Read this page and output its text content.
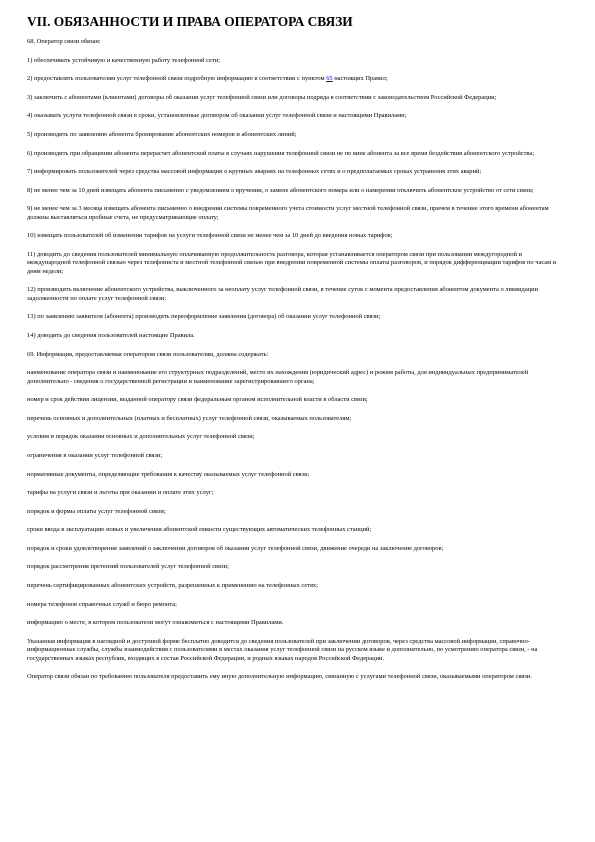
VII. ОБЯЗАННОСТИ И ПРАВА ОПЕРАТОРА СВЯЗИ

68. Оператор связи обязан:

1) обеспечивать устойчивую и качественную работу телефонной сети;

2) предоставлять пользователям услуг телефонной связи подробную информацию в соответствии с пунктом 65 настоящих Правил;

3) заключить с абонентами (клиентами) договоры об оказании услуг телефонной связи или договоры подряда в соответствии с законодательством Российской Федерации;

4) оказывать услуги телефонной связи в сроки, установленные договором об оказании услуг телефонной связи и настоящими Правилами;

5) производить по заявлению абонента бронирование абонентских номеров и абонентских линий;

6) производить при обращении абонента перерасчет абонентской платы в случаях нарушения телефонной связи не по вине абонента за все время бездействия абонентского устройства;

7) информировать пользователей через средства массовой информации о крупных авариях на телефонных сетях и о предполагаемых сроках устранения этих аварий;

8) не менее чем за 10 дней извещать абонента письменно с уведомлением о вручении, о замене абонентского номера или о намерении отключить абонентское устройство от сети связи;

9) не менее чем за 3 месяца извещать абонента письменно о внедрении системы повременного учета стоимости услуг местной телефонной связи, причем в течение этого времени абонентам должны выставляться пробные счета, не предусматривающие оплату;

10) извещать пользователей об изменении тарифов на услуги телефонной связи не менее чем за 10 дней до введения новых тарифов;

11) доводить до сведения пользователей минимальную оплачиваемую продолжительность разговора, которая устанавливается оператором связи при пользовании междугородной и международной телефонной связью через телефониста и местной телефонной связью при внедрении повременной системы оплаты разговоров, и порядок дифференциации тарифов по часам и дням недели;

12) производить включение абонентского устройства, выключенного за неоплату услуг телефонной связи, в течение суток с момента предоставления абонентом документа о ликвидации задолженности по оплате услуг телефонной связи;

13) по заявлению заявителя (абонента) производить переоформление заявления (договора) об оказании услуг телефонной связи;

14) доводить до сведения пользователей настоящие Правила.

69. Информация, предоставляемая оператором связи пользователям, должна содержать:

наименование оператора связи и наименование его структурных подразделений, место их нахождения (юридический адрес) и режим работы, для индивидуальных предпринимателей дополнительно - сведения о государственной регистрации и наименование зарегистрировавшего органа;

номер и срок действия лицензии, выданной оператору связи федеральным органом исполнительной власти в области связи;

перечень основных и дополнительных (платных и бесплатных) услуг телефонной связи, оказываемых пользователям;

условия и порядок оказания основных и дополнительных услуг телефонной связи;

ограничения в оказании услуг телефонной связи;

нормативные документы, определяющие требования к качеству оказываемых услуг телефонной связи;

тарифы на услуги связи и льготы при оказании и оплате этих услуг;

порядок и формы оплаты услуг телефонной связи;

сроки ввода в эксплуатацию новых и увеличения абонентской емкости существующих автоматических телефонных станций;

порядок и сроки удовлетворения заявлений о заключении договоров об оказании услуг телефонной связи, движение очереди на заключение договоров;

порядок рассмотрения претензий пользователей услуг телефонной связи;

перечень сертифицированных абонентских устройств, разрешенных к применению на телефонных сетях;

номера телефонов справочных служб и бюро ремонта;

информацию о месте, в котором пользователи могут ознакомиться с настоящими Правилами.

Указанная информация в наглядной и доступной форме бесплатно доводится до сведения пользователей при заключении договоров, через средства массовой информации, справочно-информационные службы, службы взаимодействия с пользователями в местах оказания услуг телефонной связи на русском языке и дополнительно, по усмотрению оператора связи, - на государственных языках республик, входящих в состав Российской Федерации, и родных языках народов Российской Федерации.

Оператор связи обязан по требованию пользователя предоставить ему иную дополнительную информацию, связанную с услугами телефонной связи, оказываемыми оператором связи.
